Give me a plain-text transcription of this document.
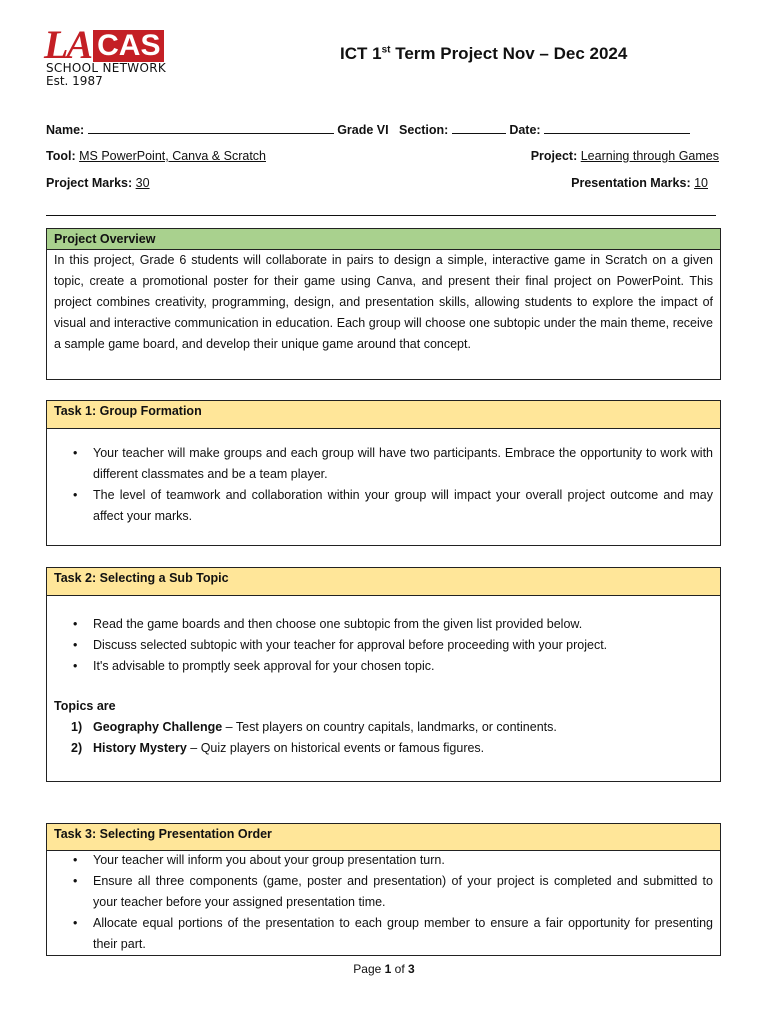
LA CAS
SCHOOL NETWORK
Est. 1987
ICT 1st Term Project Nov – Dec 2024
Name:	Grade VI Section:	Date:
Tool: MS PowerPoint, Canva & Scratch	Project: Learning through Games
Project Marks: 30	Presentation Marks: 10
Project Overview
In this project, Grade 6 students will collaborate in pairs to design a simple, interactive game in Scratch on a given topic, create a promotional poster for their game using Canva, and present their final project on PowerPoint. This project combines creativity, programming, design, and presentation skills, allowing students to explore the impact of visual and interactive communication in education. Each group will choose one subtopic under the main theme, receive a sample game board, and develop their unique game around that concept.
Task 1: Group Formation
• Your teacher will make groups and each group will have two participants. Embrace the opportunity to work with different classmates and be a team player.
• The level of teamwork and collaboration within your group will impact your overall project outcome and may affect your marks.
Task 2: Selecting a Sub Topic
• Read the game boards and then choose one subtopic from the given list provided below.
• Discuss selected subtopic with your teacher for approval before proceeding with your project.
• It's advisable to promptly seek approval for your chosen topic.
Topics are
1) Geography Challenge – Test players on country capitals, landmarks, or continents.
2) History Mystery – Quiz players on historical events or famous figures.
Task 3: Selecting Presentation Order
• Your teacher will inform you about your group presentation turn.
• Ensure all three components (game, poster and presentation) of your project is completed and submitted to your teacher before your assigned presentation time.
• Allocate equal portions of the presentation to each group member to ensure a fair opportunity for presenting their part.
Page 1 of 3
